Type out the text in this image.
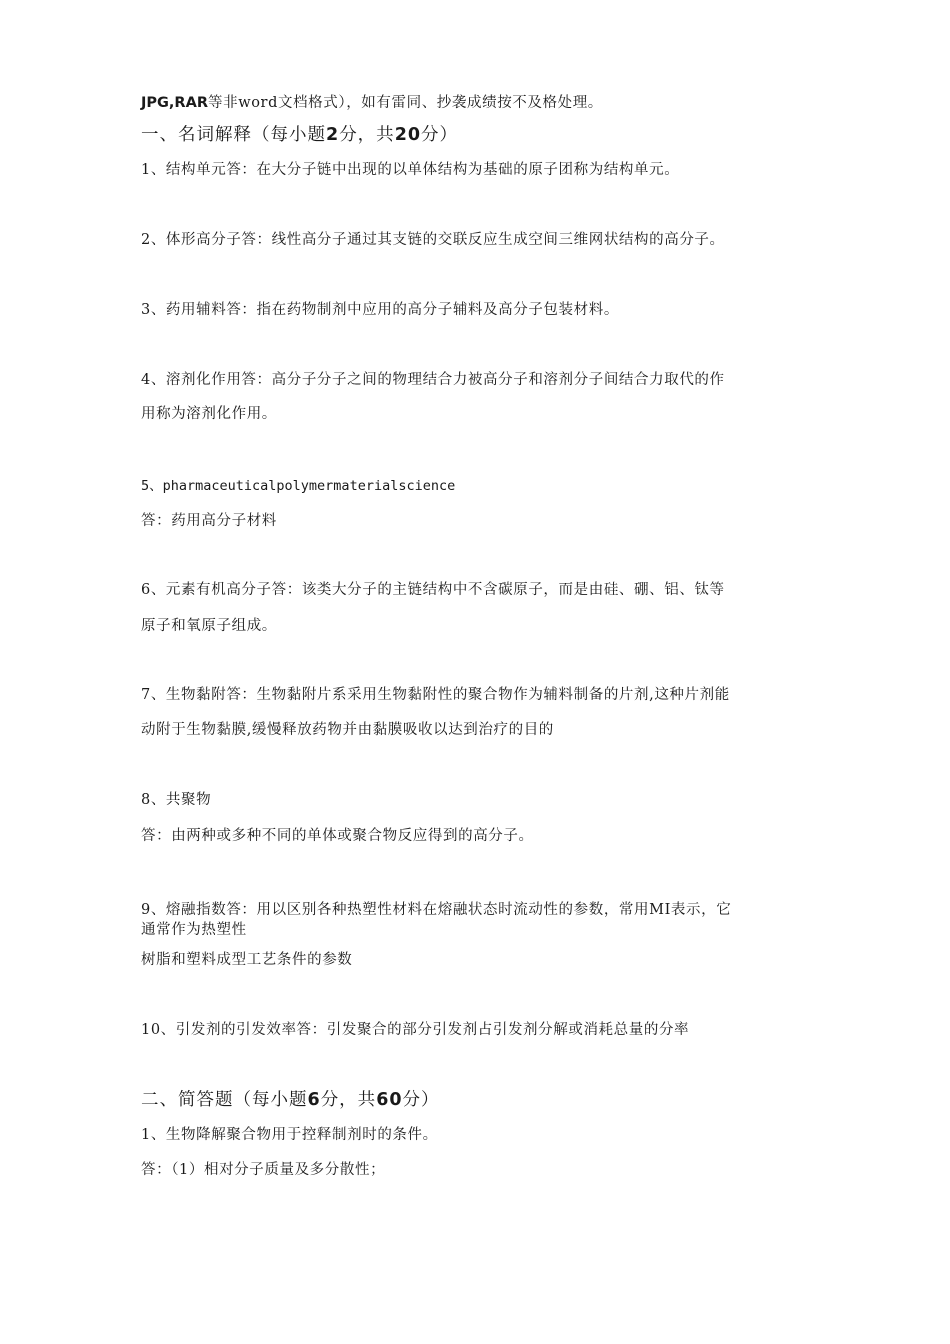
JPG,RAR等非word文档格式），如有雷同、抄袭成绩按不及格处理。
一、名词解释（每小题2分，共20分）
1、结构单元答：在大分子链中出现的以单体结构为基础的原子团称为结构单元。
2、体形高分子答：线性高分子通过其支链的交联反应生成空间三维网状结构的高分子。
3、药用辅料答：指在药物制剂中应用的高分子辅料及高分子包装材料。
4、溶剂化作用答：高分子分子之间的物理结合力被高分子和溶剂分子间结合力取代的作
用称为溶剂化作用。
5、pharmaceuticalpolymermaterialscience
答：药用高分子材料
6、元素有机高分子答：该类大分子的主链结构中不含碳原子，而是由硅、硼、铝、钛等
原子和氧原子组成。
7、生物黏附答：生物黏附片系采用生物黏附性的聚合物作为辅料制备的片剂,这种片剂能
动附于生物黏膜,缓慢释放药物并由黏膜吸收以达到治疗的目的
8、共聚物
答：由两种或多种不同的单体或聚合物反应得到的高分子。
9、熔融指数答：用以区别各种热塑性材料在熔融状态时流动性的参数，常用MI表示，它
通常作为热塑性
树脂和塑料成型工艺条件的参数
10、引发剂的引发效率答：引发聚合的部分引发剂占引发剂分解或消耗总量的分率
二、简答题（每小题6分，共60分）
1、生物降解聚合物用于控释制剂时的条件。
答：（1）相对分子质量及多分散性；
